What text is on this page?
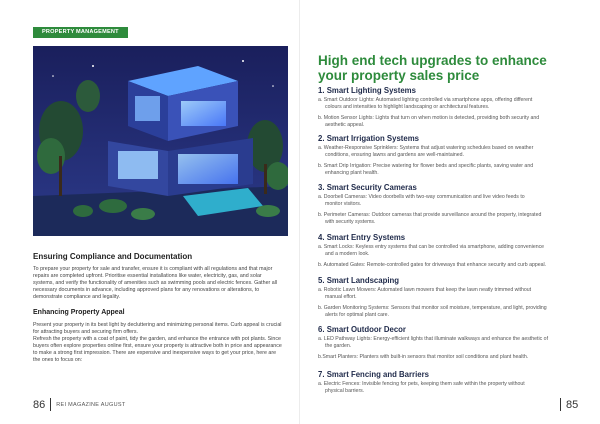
PROPERTY MANAGEMENT
Ensuring Compliance and Documentation
To prepare your property for sale and transfer, ensure it is compliant with all regulations and that major repairs are completed upfront. Prioritise essential installations like water, electricity, gas, and solar systems, and verify the functionality of amenities such as swimming pools and electric fences. Gather all necessary documents in advance, including approved plans for any renovations or alterations, to demonstrate compliance and legality.
Enhancing Property Appeal
Present your property in its best light by decluttering and minimizing personal items. Curb appeal is crucial for attracting buyers and securing firm offers.
Refresh the property with a coat of paint, tidy the garden, and enhance the entrance with pot plants. Since buyers often explore properties online first, ensure your property is attractive both in price and appearance to make a strong first impression. There are expensive and inexpensive ways to get your price, here are the ones to focus on:
86 REI MAGAZINE AUGUST
High end tech upgrades to enhance your property sales price
1. Smart Lighting Systems
a. Smart Outdoor Lights: Automated lighting controlled via smartphone apps, offering different
colours and intensities to highlight landscaping or architectural features.
b. Motion Sensor Lights: Lights that turn on when motion is detected, providing both security and
aesthetic appeal.
2. Smart Irrigation Systems
a. Weather-Responsive Sprinklers: Systems that adjust watering schedules based on weather
conditions, ensuring lawns and gardens are well-maintained.
b. Smart Drip Irrigation: Precise watering for flower beds and specific plants, saving water and
enhancing plant health.
3. Smart Security Cameras
a. Doorbell Cameras: Video doorbells with two-way communication and live video feeds to
monitor visitors.
b. Perimeter Cameras: Outdoor cameras that provide surveillance around the property, integrated
with security systems.
4. Smart Entry Systems
a. Smart Locks: Keyless entry systems that can be controlled via smartphone, adding convenience
and a modern look.
b. Automated Gates: Remote-controlled gates for driveways that enhance security and curb appeal.
5. Smart Landscaping
a. Robotic Lawn Mowers: Automated lawn mowers that keep the lawn neatly trimmed without
manual effort.
b. Garden Monitoring Systems: Sensors that monitor soil moisture, temperature, and light, providing
alerts for optimal plant care.
6. Smart Outdoor Decor
a. LED Pathway Lights: Energy-efficient lights that illuminate walkways and enhance the aesthetic of
the garden.
b.Smart Planters: Planters with built-in sensors that monitor soil conditions and plant health.
7. Smart Fencing and Barriers
a. Electric Fences: Invisible fencing for pets, keeping them safe within the property without
physical barriers.
85
